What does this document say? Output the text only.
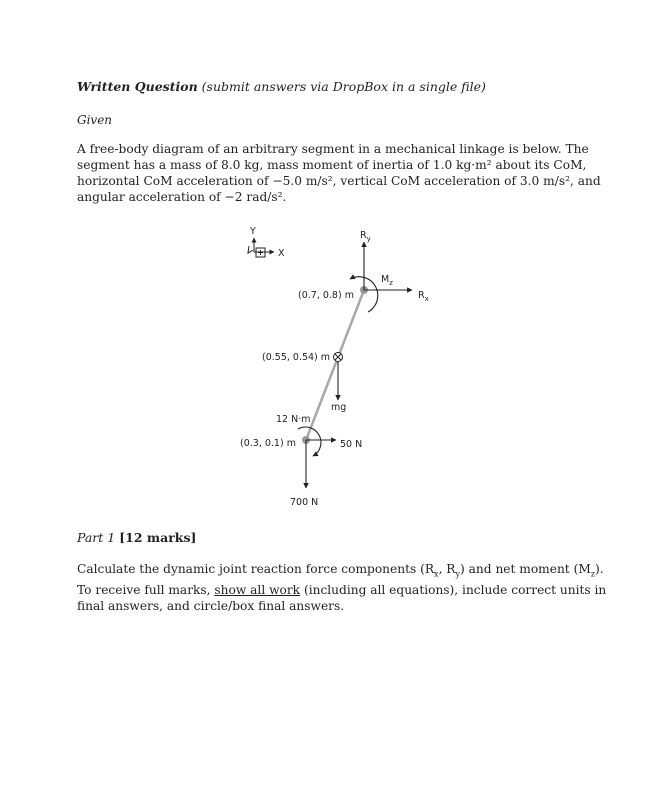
Written Question (submit answers via DropBox in a single file)
Given
A free-body diagram of an arbitrary segment in a mechanical linkage is below. The segment has a mass of 8.0 kg, mass moment of inertia of 1.0 kg·m² about its CoM, horizontal CoM acceleration of −5.0 m/s², vertical CoM acceleration of 3.0 m/s², and angular acceleration of −2 rad/s².
Y
X
$R_y$
$R_x$
$M_z$
(0.7, 0.8) m
mg
(0.55, 0.54) m
12 N·m
50 N
700 N
(0.3, 0.1) m
Part 1 [12 marks]
Calculate the dynamic joint reaction force components ($R_x$, $R_y$) and net moment $(M_z)$. To receive full marks, show all work (including all equations), include correct units in final answers, and circle/box final answers.
